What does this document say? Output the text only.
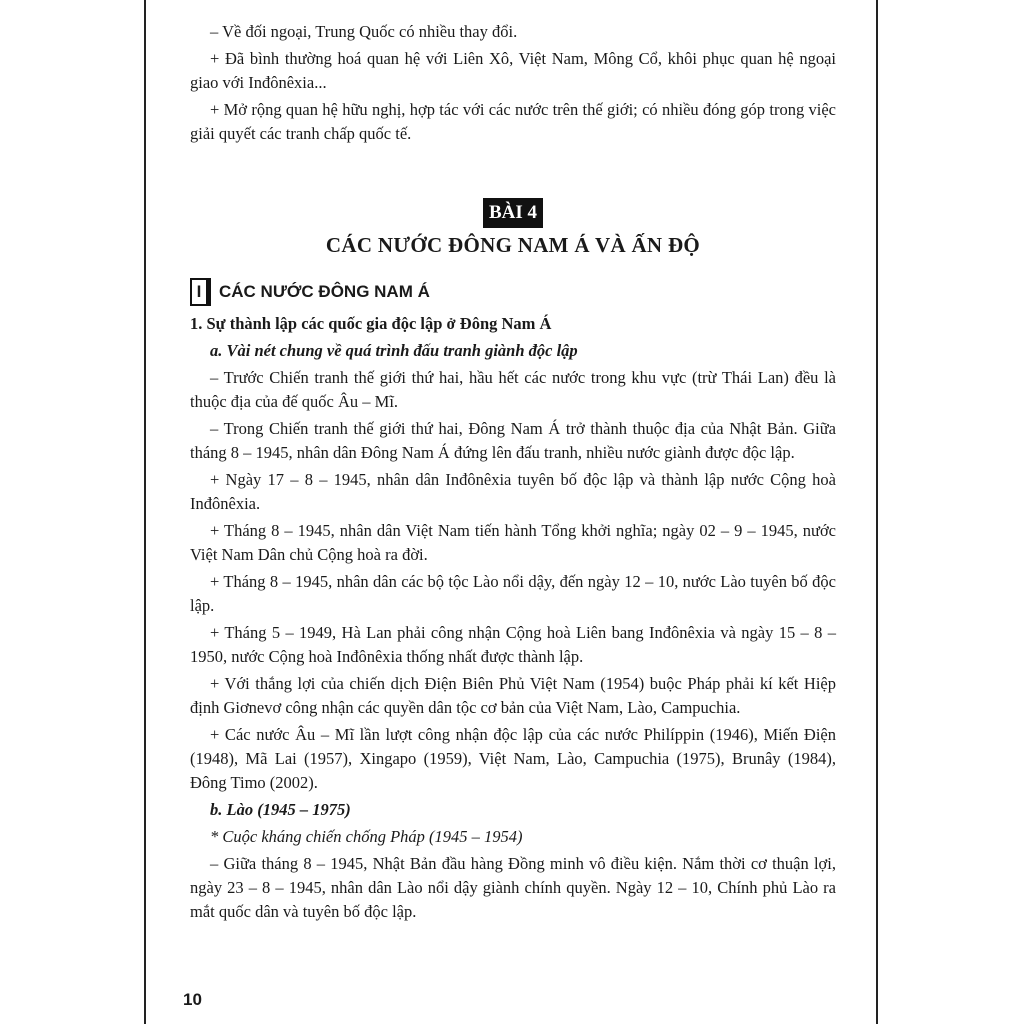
– Về đối ngoại, Trung Quốc có nhiều thay đổi.

+ Đã bình thường hoá quan hệ với Liên Xô, Việt Nam, Mông Cổ, khôi phục quan hệ ngoại giao với Inđônêxia...

+ Mở rộng quan hệ hữu nghị, hợp tác với các nước trên thế giới; có nhiều đóng góp trong việc giải quyết các tranh chấp quốc tế.

BÀI 4
CÁC NƯỚC ĐÔNG NAM Á VÀ ẤN ĐỘ
I	CÁC NƯỚC ĐÔNG NAM Á

1. Sự thành lập các quốc gia độc lập ở Đông Nam Á

a. Vài nét chung về quá trình đấu tranh giành độc lập

– Trước Chiến tranh thế giới thứ hai, hầu hết các nước trong khu vực (trừ Thái Lan) đều là thuộc địa của đế quốc Âu – Mĩ.

– Trong Chiến tranh thế giới thứ hai, Đông Nam Á trở thành thuộc địa của Nhật Bản. Giữa tháng 8 – 1945, nhân dân Đông Nam Á đứng lên đấu tranh, nhiều nước giành được độc lập.

+ Ngày 17 – 8 – 1945, nhân dân Inđônêxia tuyên bố độc lập và thành lập nước Cộng hoà Inđônêxia.

+ Tháng 8 – 1945, nhân dân Việt Nam tiến hành Tổng khởi nghĩa; ngày 02 – 9 – 1945, nước Việt Nam Dân chủ Cộng hoà ra đời.

+ Tháng 8 – 1945, nhân dân các bộ tộc Lào nổi dậy, đến ngày 12 – 10, nước Lào tuyên bố độc lập.

+ Tháng 5 – 1949, Hà Lan phải công nhận Cộng hoà Liên bang Inđônêxia và ngày 15 – 8 – 1950, nước Cộng hoà Inđônêxia thống nhất được thành lập.

+ Với thắng lợi của chiến dịch Điện Biên Phủ Việt Nam (1954) buộc Pháp phải kí kết Hiệp định Giơnevơ công nhận các quyền dân tộc cơ bản của Việt Nam, Lào, Campuchia.

+ Các nước Âu – Mĩ lần lượt công nhận độc lập của các nước Philíppin (1946), Miến Điện (1948), Mã Lai (1957), Xingapo (1959), Việt Nam, Lào, Campuchia (1975), Brunây (1984), Đông Timo (2002).

b. Lào (1945 – 1975)

* Cuộc kháng chiến chống Pháp (1945 – 1954)

– Giữa tháng 8 – 1945, Nhật Bản đầu hàng Đồng minh vô điều kiện. Nắm thời cơ thuận lợi, ngày 23 – 8 – 1945, nhân dân Lào nổi dậy giành chính quyền. Ngày 12 – 10, Chính phủ Lào ra mắt quốc dân và tuyên bố độc lập.

10
